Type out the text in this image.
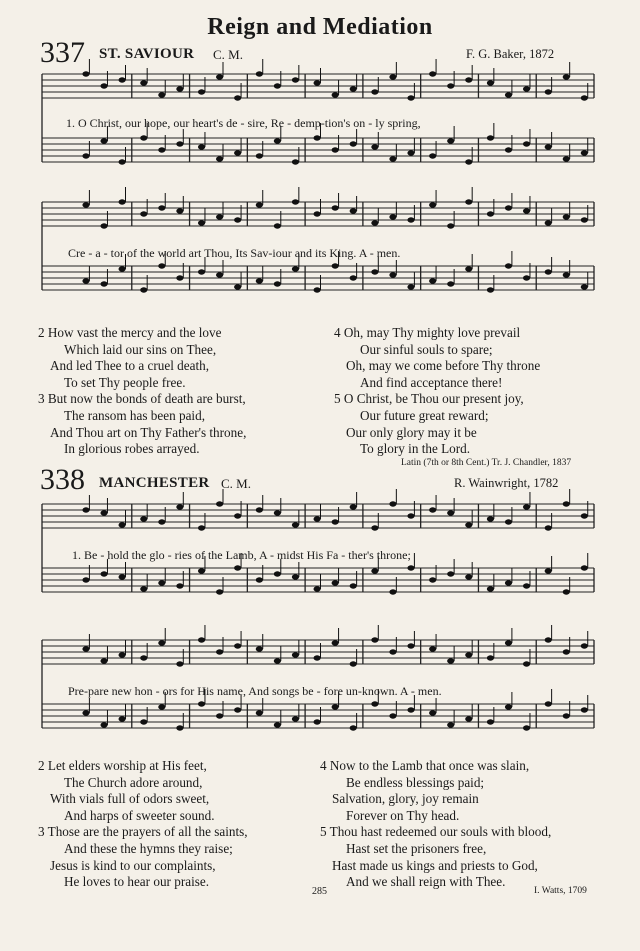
Reign and Mediation
337 ST. SAVIOUR C. M.	F. G. Baker, 1872
1. O Christ, our hope, our heart's de - sire, Re - demp-tion's on - ly spring,
Cre - a - tor of the world art Thou, Its Sav-iour and its King. A - men.
2 How vast the mercy and the love
Which laid our sins on Thee,
And led Thee to a cruel death,
To set Thy people free.
3 But now the bonds of death are burst,
The ransom has been paid,
And Thou art on Thy Father's throne,
In glorious robes arrayed.
4 Oh, may Thy mighty love prevail
Our sinful souls to spare;
Oh, may we come before Thy throne
And find acceptance there!
5 O Christ, be Thou our present joy,
Our future great reward;
Our only glory may it be
To glory in the Lord.
Latin (7th or 8th Cent.) Tr. J. Chandler, 1837
338 MANCHESTER C. M.	R. Wainwright, 1782
1. Be - hold the glo - ries of the Lamb, A - midst His Fa - ther's throne;
Pre-pare new hon - ors for His name, And songs be - fore un-known. A - men.
2 Let elders worship at His feet,
The Church adore around,
With vials full of odors sweet,
And harps of sweeter sound.
3 Those are the prayers of all the saints,
And these the hymns they raise;
Jesus is kind to our complaints,
He loves to hear our praise.
4 Now to the Lamb that once was slain,
Be endless blessings paid;
Salvation, glory, joy remain
Forever on Thy head.
5 Thou hast redeemed our souls with blood,
Hast set the prisoners free,
Hast made us kings and priests to God,
And we shall reign with Thee.
285	I. Watts, 1709
